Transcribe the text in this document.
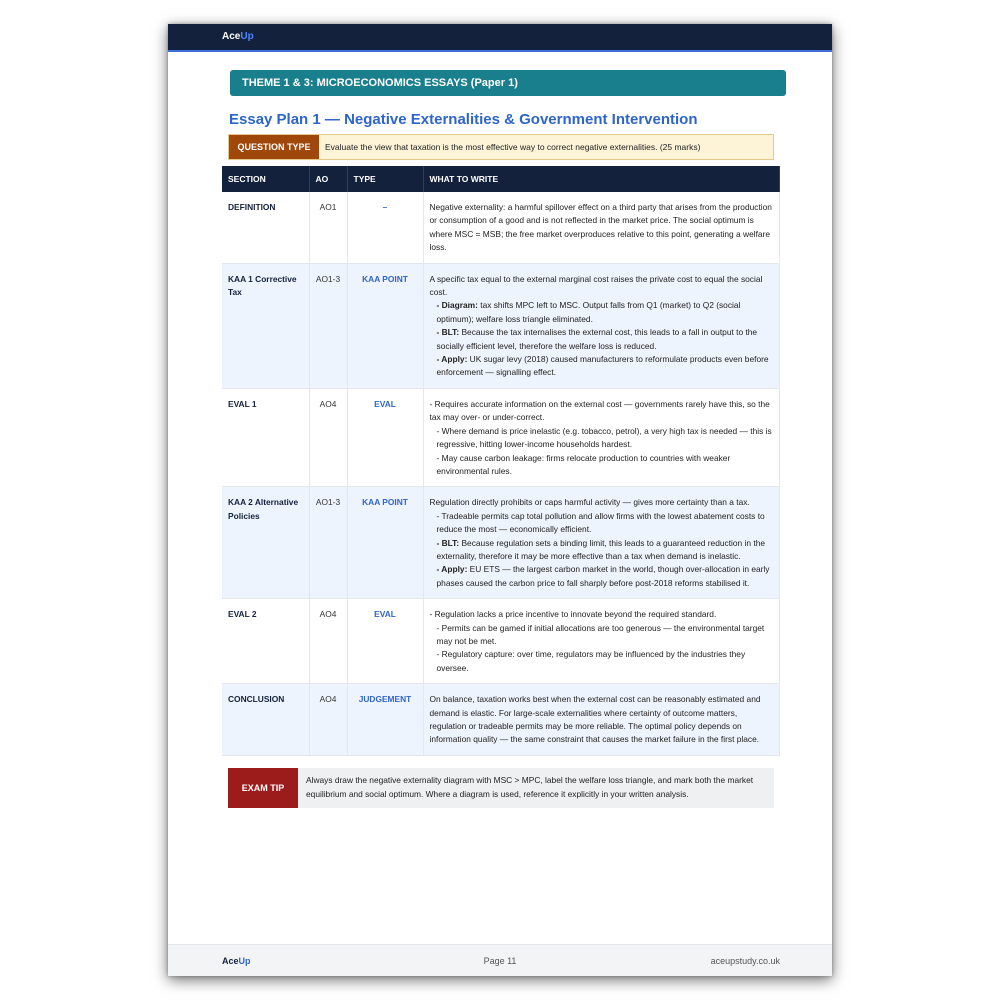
AceUp
THEME 1 & 3: MICROECONOMICS ESSAYS (Paper 1)
Essay Plan 1 — Negative Externalities & Government Intervention
QUESTION TYPE	Evaluate the view that taxation is the most effective way to correct negative externalities. (25 marks)
SECTION	AO	TYPE	WHAT TO WRITE
DEFINITION	AO1	–	Negative externality: a harmful spillover effect on a third party that arises from the production or consumption of a good and is not reflected in the market price. The social optimum is where MSC = MSB; the free market overproduces relative to this point, generating a welfare loss.
KAA 1 Corrective Tax	AO1-3	KAA POINT	A specific tax equal to the external marginal cost raises the private cost to equal the social cost.
- Diagram: tax shifts MPC left to MSC. Output falls from Q1 (market) to Q2 (social optimum); welfare loss triangle eliminated.
- BLT: Because the tax internalises the external cost, this leads to a fall in output to the socially efficient level, therefore the welfare loss is reduced.
- Apply: UK sugar levy (2018) caused manufacturers to reformulate products even before enforcement — signalling effect.

EVAL 1	AO4	EVAL	- Requires accurate information on the external cost — governments rarely have this, so the tax may over- or under-correct.
- Where demand is price inelastic (e.g. tobacco, petrol), a very high tax is needed — this is regressive, hitting lower-income households hardest.
- May cause carbon leakage: firms relocate production to countries with weaker environmental rules.

KAA 2 Alternative Policies	AO1-3	KAA POINT	Regulation directly prohibits or caps harmful activity — gives more certainty than a tax.
- Tradeable permits cap total pollution and allow firms with the lowest abatement costs to reduce the most — economically efficient.
- BLT: Because regulation sets a binding limit, this leads to a guaranteed reduction in the externality, therefore it may be more effective than a tax when demand is inelastic.
- Apply: EU ETS — the largest carbon market in the world, though over-allocation in early phases caused the carbon price to fall sharply before post-2018 reforms stabilised it.

EVAL 2	AO4	EVAL	- Regulation lacks a price incentive to innovate beyond the required standard.
- Permits can be gamed if initial allocations are too generous — the environmental target may not be met.
- Regulatory capture: over time, regulators may be influenced by the industries they oversee.

CONCLUSION	AO4	JUDGEMENT	On balance, taxation works best when the external cost can be reasonably estimated and demand is elastic. For large-scale externalities where certainty of outcome matters, regulation or tradeable permits may be more reliable. The optimal policy depends on information quality — the same constraint that causes the market failure in the first place.
EXAM TIP
Always draw the negative externality diagram with MSC > MPC, label the welfare loss triangle, and mark both the market equilibrium and social optimum. Where a diagram is used, reference it explicitly in your written analysis.
AceUp	Page 11	aceupstudy.co.uk
